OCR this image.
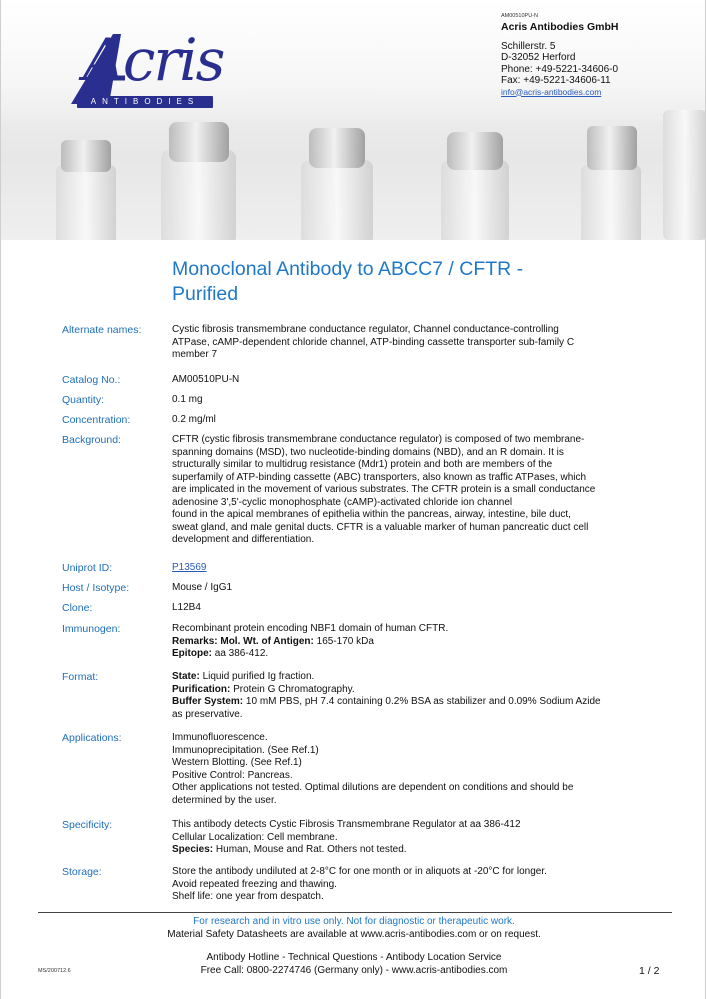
Acris
ANTIBODIES
AM00510PU-N
Acris Antibodies GmbH
Schillerstr. 5
D-32052 Herford
Phone: +49-5221-34606-0
Fax: +49-5221-34606-11
info@acris-antibodies.com
Monoclonal Antibody to ABCC7 / CFTR -
Purified
Alternate names:	Cystic fibrosis transmembrane conductance regulator, Channel conductance-controlling
ATPase, cAMP-dependent chloride channel, ATP-binding cassette transporter sub-family C
member 7
Catalog No.:	AM00510PU-N
Quantity:	0.1 mg
Concentration:	0.2 mg/ml
Background:	CFTR (cystic fibrosis transmembrane conductance regulator) is composed of two membrane-
spanning domains (MSD), two nucleotide-binding domains (NBD), and an R domain. It is
structurally similar to multidrug resistance (Mdr1) protein and both are members of the
superfamily of ATP-binding cassette (ABC) transporters, also known as traffic ATPases, which
are implicated in the movement of various substrates. The CFTR protein is a small conductance
adenosine 3',5'-cyclic monophosphate (cAMP)-activated chloride ion channel
found in the apical membranes of epithelia within the pancreas, airway, intestine, bile duct,
sweat gland, and male genital ducts. CFTR is a valuable marker of human pancreatic duct cell
development and differentiation.
Uniprot ID:	P13569
Host / Isotype:	Mouse / IgG1
Clone:	L12B4
Immunogen:	Recombinant protein encoding NBF1 domain of human CFTR.
Remarks: Mol. Wt. of Antigen: 165-170 kDa
Epitope: aa 386-412.
Format:	State: Liquid purified Ig fraction.
Purification: Protein G Chromatography.
Buffer System: 10 mM PBS, pH 7.4 containing 0.2% BSA as stabilizer and 0.09% Sodium Azide
as preservative.
Applications:	Immunofluorescence.
Immunoprecipitation. (See Ref.1)
Western Blotting. (See Ref.1)
Positive Control: Pancreas.
Other applications not tested. Optimal dilutions are dependent on conditions and should be
determined by the user.
Specificity:	This antibody detects Cystic Fibrosis Transmembrane Regulator at aa 386-412
Cellular Localization: Cell membrane.
Species: Human, Mouse and Rat. Others not tested.
Storage:	Store the antibody undiluted at 2-8°C for one month or in aliquots at -20°C for longer.
Avoid repeated freezing and thawing.
Shelf life: one year from despatch.
For research and in vitro use only. Not for diagnostic or therapeutic work.
Material Safety Datasheets are available at www.acris-antibodies.com or on request.
Antibody Hotline - Technical Questions - Antibody Location Service
Free Call: 0800-2274746 (Germany only) - www.acris-antibodies.com
MS/200712.6	1 / 2
